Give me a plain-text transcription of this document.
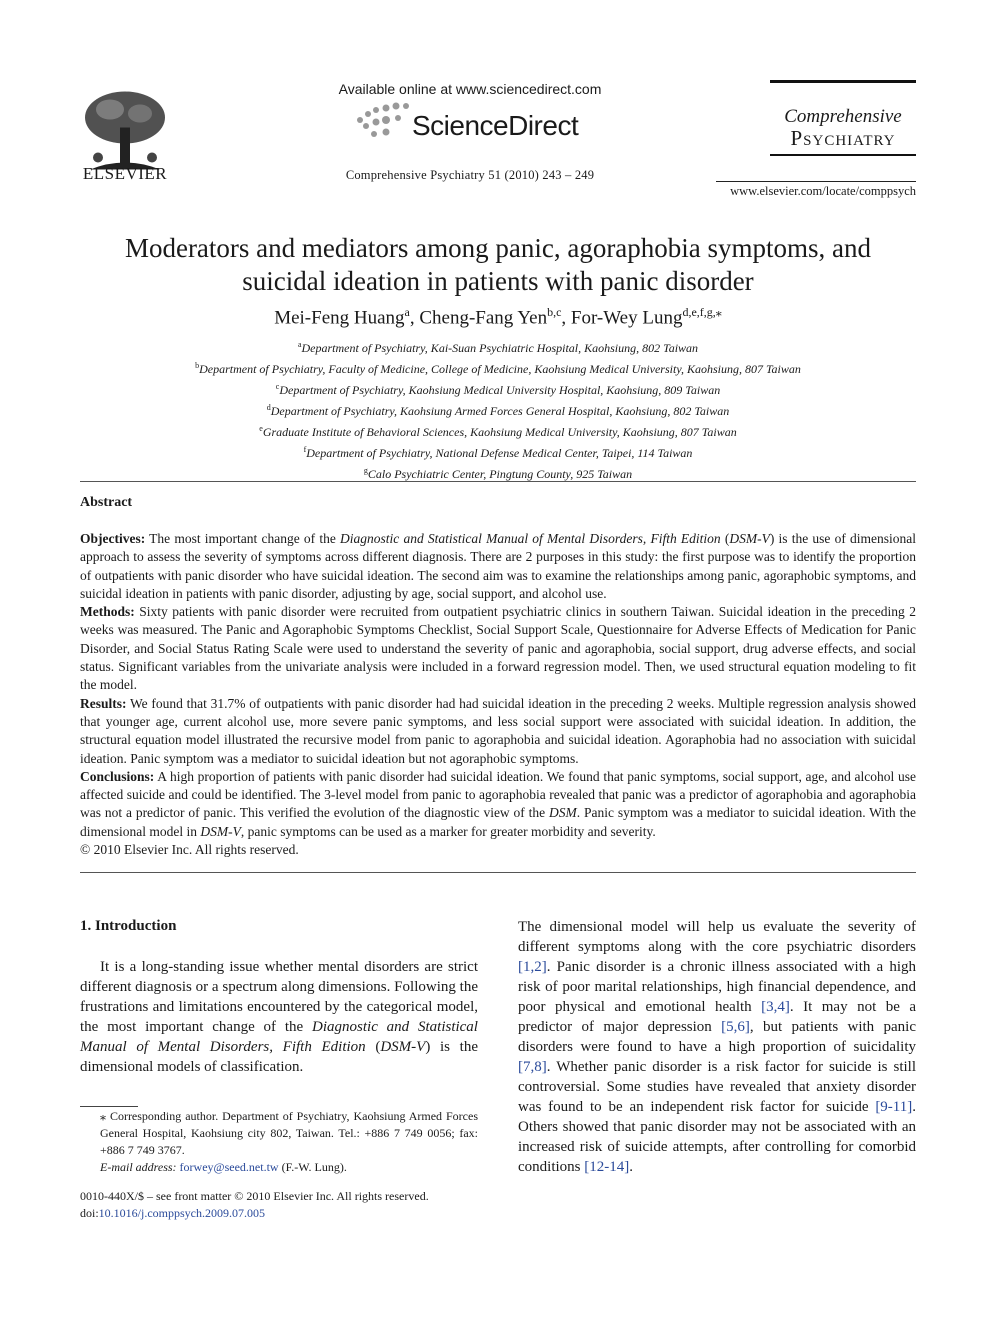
ELSEVIER
Available online at www.sciencedirect.com
ScienceDirect
Comprehensive Psychiatry 51 (2010) 243 – 249
Comprehensive
Psychiatry
www.elsevier.com/locate/comppsych
Moderators and mediators among panic, agoraphobia symptoms, and
suicidal ideation in patients with panic disorder
Mei-Feng Huang$^a$, Cheng-Fang Yen$^{b,c}$, For-Wey Lung$^{d,e,f,g,⁎}$
$^a$Department of Psychiatry, Kai-Suan Psychiatric Hospital, Kaohsiung, 802 Taiwan
$^b$Department of Psychiatry, Faculty of Medicine, College of Medicine, Kaohsiung Medical University, Kaohsiung, 807 Taiwan
$^c$Department of Psychiatry, Kaohsiung Medical University Hospital, Kaohsiung, 809 Taiwan
$^d$Department of Psychiatry, Kaohsiung Armed Forces General Hospital, Kaohsiung, 802 Taiwan
$^e$Graduate Institute of Behavioral Sciences, Kaohsiung Medical University, Kaohsiung, 807 Taiwan
$^f$Department of Psychiatry, National Defense Medical Center, Taipei, 114 Taiwan
$^g$Calo Psychiatric Center, Pingtung County, 925 Taiwan
Abstract

Objectives: The most important change of the Diagnostic and Statistical Manual of Mental Disorders, Fifth Edition (DSM-V) is the use of dimensional approach to assess the severity of symptoms across different diagnosis. There are 2 purposes in this study: the first purpose was to identify the proportion of outpatients with panic disorder who have suicidal ideation. The second aim was to examine the relationships among panic, agoraphobic symptoms, and suicidal ideation in patients with panic disorder, adjusting by age, social support, and alcohol use.

Methods: Sixty patients with panic disorder were recruited from outpatient psychiatric clinics in southern Taiwan. Suicidal ideation in the preceding 2 weeks was measured. The Panic and Agoraphobic Symptoms Checklist, Social Support Scale, Questionnaire for Adverse Effects of Medication for Panic Disorder, and Social Status Rating Scale were used to understand the severity of panic and agoraphobia, social support, drug adverse effects, and social status. Significant variables from the univariate analysis were included in a forward regression model. Then, we used structural equation modeling to fit the model.

Results: We found that 31.7% of outpatients with panic disorder had had suicidal ideation in the preceding 2 weeks. Multiple regression analysis showed that younger age, current alcohol use, more severe panic symptoms, and less social support were associated with suicidal ideation. In addition, the structural equation model illustrated the recursive model from panic to agoraphobia and suicidal ideation. Agoraphobia had no association with suicidal ideation. Panic symptom was a mediator to suicidal ideation but not agoraphobic symptoms.

Conclusions: A high proportion of patients with panic disorder had suicidal ideation. We found that panic symptoms, social support, age, and alcohol use affected suicide and could be identified. The 3-level model from panic to agoraphobia revealed that panic was a predictor of agoraphobia and agoraphobia was not a predictor of panic. This verified the evolution of the diagnostic view of the DSM. Panic symptom was a mediator to suicidal ideation. With the dimensional model in DSM-V, panic symptoms can be used as a marker for greater morbidity and severity.

© 2010 Elsevier Inc. All rights reserved.

1. Introduction
It is a long-standing issue whether mental disorders are strict different diagnosis or a spectrum along dimensions. Following the frustrations and limitations encountered by the categorical model, the most important change of the Diagnostic and Statistical Manual of Mental Disorders, Fifth Edition (DSM-V) is the dimensional models of classification.
The dimensional model will help us evaluate the severity of different symptoms along with the core psychiatric disorders [1,2]. Panic disorder is a chronic illness associated with a high risk of poor marital relationships, high financial dependence, and poor physical and emotional health [3,4]. It may not be a predictor of major depression [5,6], but patients with panic disorders were found to have a high proportion of suicidality [7,8]. Whether panic disorder is a risk factor for suicide is still controversial. Some studies have revealed that anxiety disorder was found to be an independent risk factor for suicide [9-11]. Others showed that panic disorder may not be associated with an increased risk of suicide attempts, after controlling for comorbid conditions [12-14].
⁎ Corresponding author. Department of Psychiatry, Kaohsiung Armed Forces General Hospital, Kaohsiung city 802, Taiwan. Tel.: +886 7 749 0056; fax: +886 7 749 3767.
E-mail address: forwey@seed.net.tw (F.-W. Lung).
0010-440X/$ – see front matter © 2010 Elsevier Inc. All rights reserved.
doi:10.1016/j.comppsych.2009.07.005
